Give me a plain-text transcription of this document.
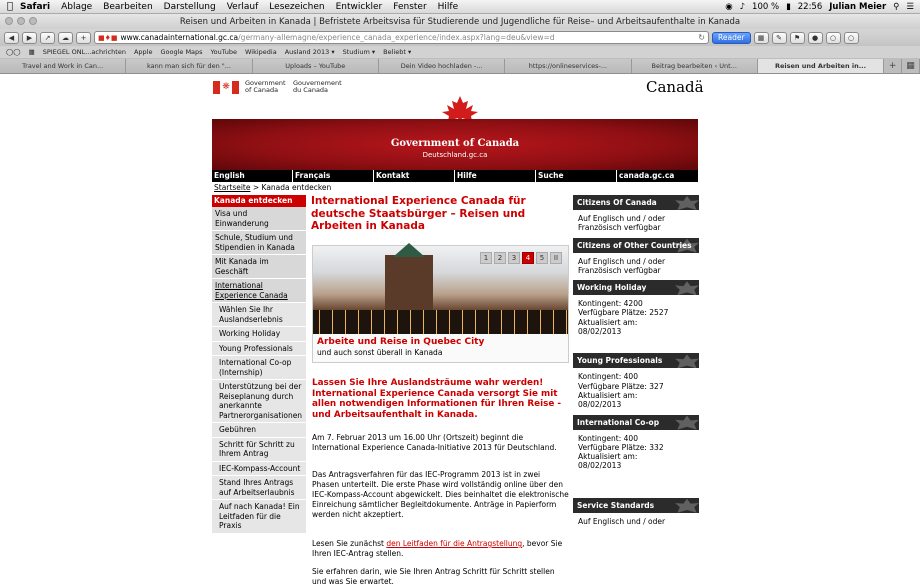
Safari Ablage Bearbeiten Darstellung Verlauf Lesezeichen Entwickler Fenster Hilfe	◉ ♪ 100 % ▮ 22:56 Julian Meier ⚲ ☰
Reisen und Arbeiten in Kanada | Befristete Arbeitsvisa für Studierende und Jugendliche für Reise– und Arbeitsaufenthalte in Kanada
◀	▶	↗	☁	+	■♦■ www.canadainternational.gc.ca /germany-allemagne/experience_canada_experience/index.aspx?lang=deu&view=d	↻	Reader	▦	✎	⚑	●	○	○
◯◯ ▦ SPIEGEL ONL...achrichten Apple Google Maps YouTube Wikipedia Ausland 2013 ▾ Studium ▾ Beliebt ▾
Travel and Work in Can...	kann man sich für den "...	Uploads – YouTube	Dein Video hochladen -...	https://onlineservices-...	Beitrag bearbeiten ‹ Unt...	Reisen und Arbeiten in...	+	▦
❋	Government of Canada
Gouvernement du Canada	Canadä
Government of Canada
Deutschland.gc.ca
English	Français	Kontakt	Hilfe	Suche	canada.gc.ca
Startseite > Kanada entdecken
Kanada entdecken
Visa und Einwanderung
Schule, Studium und Stipendien in Kanada
Mit Kanada im Geschäft
International Experience Canada
Wählen Sie Ihr Auslandserlebnis
Working Holiday
Young Professionals
International Co-op (Internship)
Unterstützung bei der Reiseplanung durch anerkannte Partnerorganisationen
Gebühren
Schritt für Schritt zu Ihrem Antrag
IEC-Kompass-Account
Stand Ihres Antrags auf Arbeitserlaubnis
Auf nach Kanada! Ein Leitfaden für die Praxis
International Experience Canada für deutsche Staatsbürger – Reisen und Arbeiten in Kanada
1	2	3	4	5	II
Arbeite und Reise in Quebec City
und auch sonst überall in Kanada
Lassen Sie Ihre Auslandsträume wahr werden! International Experience Canada versorgt Sie mit allen notwendigen Informationen für Ihren Reise - und Arbeitsaufenthalt in Kanada.
Am 7. Februar 2013 um 16.00 Uhr (Ortszeit) beginnt die International Experience Canada-Initiative 2013 für Deutschland.
Das Antragsverfahren für das IEC-Programm 2013 ist in zwei Phasen unterteilt. Die erste Phase wird vollständig online über den IEC-Kompass-Account abgewickelt. Dies beinhaltet die elektronische Einreichung sämtlicher Begleitdokumente. Anträge in Papierform werden nicht akzeptiert.
Lesen Sie zunächst den Leitfaden für die Antragstellung, bevor Sie Ihren IEC-Antrag stellen.
Sie erfahren darin, wie Sie Ihren Antrag Schritt für Schritt stellen und was Sie erwartet.
Citizens Of Canada
Auf Englisch und / oder Französisch verfügbar
Citizens of Other Countries
Auf Englisch und / oder Französisch verfügbar
Working Holiday
Kontingent: 4200
Verfügbare Plätze: 2527
Aktualisiert am:
08/02/2013
Young Professionals
Kontingent: 400
Verfügbare Plätze: 327
Aktualisiert am:
08/02/2013
International Co-op
Kontingent: 400
Verfügbare Plätze: 332
Aktualisiert am:
08/02/2013
Service Standards
Auf Englisch und / oder
